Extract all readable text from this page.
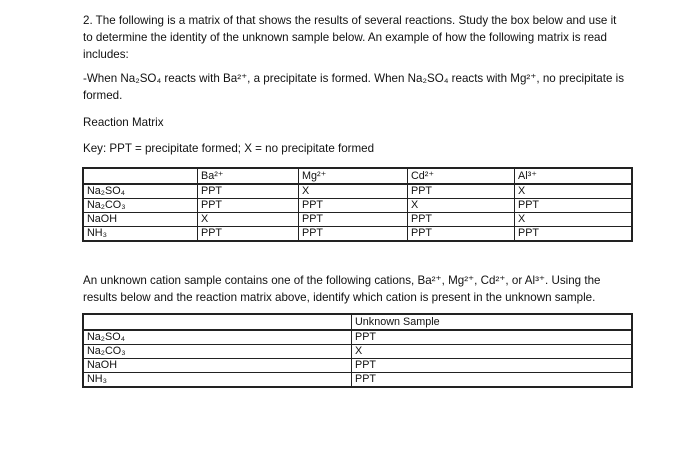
2. The following is a matrix of that shows the results of several reactions. Study the box below and use it to determine the identity of the unknown sample below. An example of how the following matrix is read includes:

-When Na₂SO₄ reacts with Ba²⁺, a precipitate is formed. When Na₂SO₄ reacts with Mg²⁺, no precipitate is formed.

Reaction Matrix

Key: PPT = precipitate formed; X = no precipitate formed

	Ba²⁺	Mg²⁺	Cd²⁺	Al³⁺
Na₂SO₄	PPT	X	PPT	X
Na₂CO₃	PPT	PPT	X	PPT
NaOH	X	PPT	PPT	X
NH₃	PPT	PPT	PPT	PPT

An unknown cation sample contains one of the following cations, Ba²⁺, Mg²⁺, Cd²⁺, or Al³⁺. Using the results below and the reaction matrix above, identify which cation is present in the unknown sample.

	Unknown Sample
Na₂SO₄	PPT
Na₂CO₃	X
NaOH	PPT
NH₃	PPT
